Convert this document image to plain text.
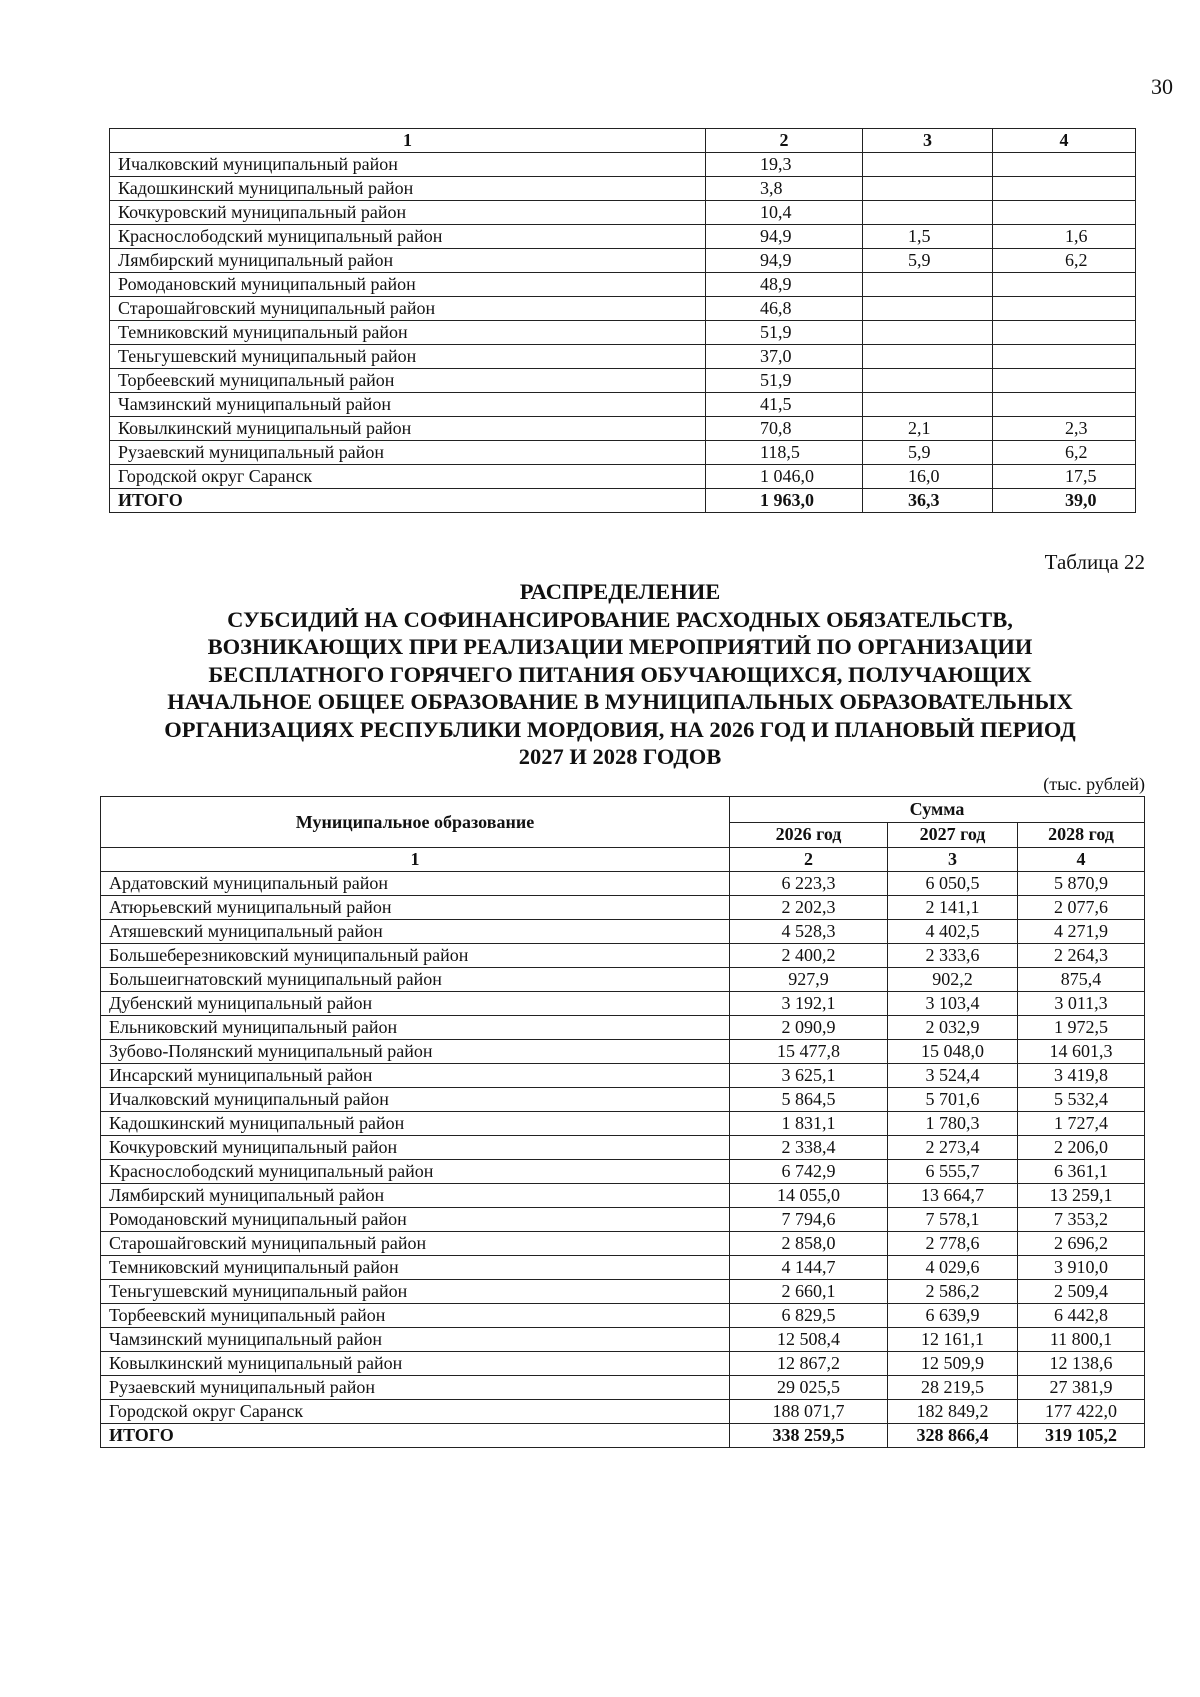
30
1	2	3	4
Ичалковский муниципальный район	19,3		
Кадошкинский муниципальный район	3,8		
Кочкуровский муниципальный район	10,4		
Краснослободский муниципальный район	94,9	1,5	1,6
Лямбирский муниципальный район	94,9	5,9	6,2
Ромодановский муниципальный район	48,9		
Старошайговский муниципальный район	46,8		
Темниковский муниципальный район	51,9		
Теньгушевский муниципальный район	37,0		
Торбеевский муниципальный район	51,9		
Чамзинский муниципальный район	41,5		
Ковылкинский муниципальный район	70,8	2,1	2,3
Рузаевский муниципальный район	118,5	5,9	6,2
Городской округ Саранск	1 046,0	16,0	17,5
ИТОГО	1 963,0	36,3	39,0
Таблица 22
РАСПРЕДЕЛЕНИЕ
СУБСИДИЙ НА СОФИНАНСИРОВАНИЕ РАСХОДНЫХ ОБЯЗАТЕЛЬСТВ,
ВОЗНИКАЮЩИХ ПРИ РЕАЛИЗАЦИИ МЕРОПРИЯТИЙ ПО ОРГАНИЗАЦИИ
БЕСПЛАТНОГО ГОРЯЧЕГО ПИТАНИЯ ОБУЧАЮЩИХСЯ, ПОЛУЧАЮЩИХ
НАЧАЛЬНОЕ ОБЩЕЕ ОБРАЗОВАНИЕ В МУНИЦИПАЛЬНЫХ ОБРАЗОВАТЕЛЬНЫХ
ОРГАНИЗАЦИЯХ РЕСПУБЛИКИ МОРДОВИЯ, НА 2026 ГОД И ПЛАНОВЫЙ ПЕРИОД
2027 И 2028 ГОДОВ
(тыс. рублей)
Муниципальное образование	Сумма		
	2026 год	2027 год	2028 год
1	2	3	4
Ардатовский муниципальный район	6 223,3	6 050,5	5 870,9
Атюрьевский муниципальный район	2 202,3	2 141,1	2 077,6
Атяшевский муниципальный район	4 528,3	4 402,5	4 271,9
Большеберезниковский муниципальный район	2 400,2	2 333,6	2 264,3
Большеигнатовский муниципальный район	927,9	902,2	875,4
Дубенский муниципальный район	3 192,1	3 103,4	3 011,3
Ельниковский муниципальный район	2 090,9	2 032,9	1 972,5
Зубово-Полянский муниципальный район	15 477,8	15 048,0	14 601,3
Инсарский муниципальный район	3 625,1	3 524,4	3 419,8
Ичалковский муниципальный район	5 864,5	5 701,6	5 532,4
Кадошкинский муниципальный район	1 831,1	1 780,3	1 727,4
Кочкуровский муниципальный район	2 338,4	2 273,4	2 206,0
Краснослободский муниципальный район	6 742,9	6 555,7	6 361,1
Лямбирский муниципальный район	14 055,0	13 664,7	13 259,1
Ромодановский муниципальный район	7 794,6	7 578,1	7 353,2
Старошайговский муниципальный район	2 858,0	2 778,6	2 696,2
Темниковский муниципальный район	4 144,7	4 029,6	3 910,0
Теньгушевский муниципальный район	2 660,1	2 586,2	2 509,4
Торбеевский муниципальный район	6 829,5	6 639,9	6 442,8
Чамзинский муниципальный район	12 508,4	12 161,1	11 800,1
Ковылкинский муниципальный район	12 867,2	12 509,9	12 138,6
Рузаевский муниципальный район	29 025,5	28 219,5	27 381,9
Городской округ Саранск	188 071,7	182 849,2	177 422,0
ИТОГО	338 259,5	328 866,4	319 105,2
